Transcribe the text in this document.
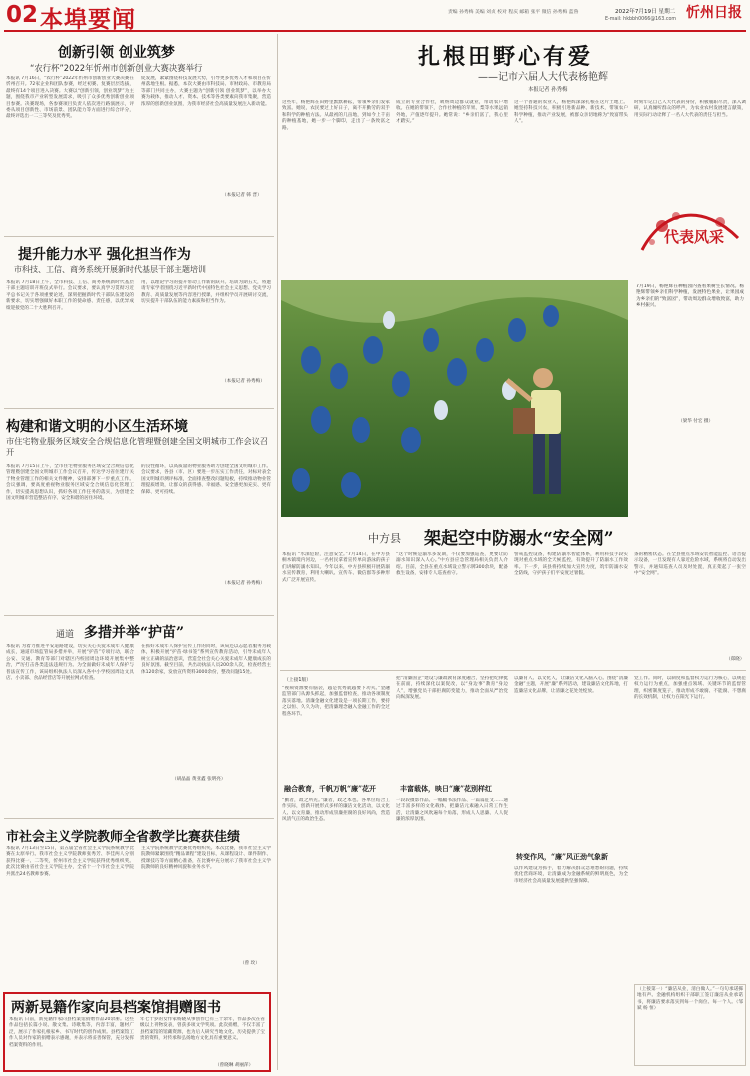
02 本埠要闻	责编 孙秀梅 美编 刘贞 校对 程庆 邮箱 张平 微信 孙秀梅 蓝鲁	2022年7月19日 星期二 忻州日报
E-mail: hkbbh0066@163.com
创新引领 创业筑梦
“农行杯”2022年忻州市创新创业大赛决赛举行
本报讯 7月16日，“农行杯”2022年忻州市创新创业大赛决赛在忻州召开。72家企业和团队参赛，经过初赛、复赛层层选拔，最终有14个项目进入决赛。大赛以“创新引领，创业筑梦”为主题，围绕我市产业转型发展需求，吸引了众多优秀创新创业项目参赛。决赛现场，各参赛项目负责人依次进行路演展示，评委从项目创新性、市场前景、团队能力等方面进行综合评分，最终评选出一二三等奖及优秀奖。
促发展，紧紧围绕科技发展大势，引导更多优秀人才和项目在忻州落地生根。据悉，本次大赛由市科技局、市财政局、市教育局等部门共同主办，大赛主题为“创新引领 创业筑梦”，以举办大赛为载体，推动人才、资本、技术等各类要素向我市集聚，营造浓厚的创新创业氛围，为我市经济社会高质量发展注入新动能。
（本报记者 韩 晋）
提升能力水平 强化担当作为
市科技、工信、商务系统开展新时代基层干部主题培训
本报讯 7月18日上午，全市科技、工信、商务系统新时代基层干部主题培训开班仪式举行。会议要求，要认真学习贯彻习近平总书记关于各项重要论述，深刻把握新时代干部队伍建设的新要求，切实增强做好本职工作的使命感、责任感，以优异成绩迎接党的二十大胜利召开。
用，以理论学习的提升带动工作新的跃升。培训为期五天，将邀请专家学者围绕习近平新时代中国特色社会主义思想、党史学习教育、高质量发展等内容进行授课，并组织学员开展研讨交流，切实提升干部队伍的能力素质和担当作为。
（本报记者 孙秀梅）
构建和谐文明的小区生活环境
市住宅物业服务区域安全合规信息化管理暨创建全国文明城市工作会议召开
本报讯 7月15日上午，全市住宅物业服务区域安全合规信息化管理暨创建全国文明城市工作会议召开，传达学习省住建厅关于物业管理工作的相关文件精神，安排部署下一步重点工作。会议强调，要高度重视物业服务区域安全合规信息化管理工作，切实提高思想认识，抓好各项工作任务的落实，为创建全国文明城市营造整洁有序、安全和谐的居住环境。
的良性循环，以高质量的物业服务助力创建全国文明城市工作。会议要求，各县（市、区）要进一步压实工作责任，对标对表全国文明城市测评标准，全面排查整改问题短板，持续推动物业管理提质增效，让群众的获得感、幸福感、安全感更加充实、更有保障、更可持续。
（本报记者 孙秀梅）
通道 多措并举“护苗”
本报讯 为着力推进平安道路建设，切实关心关爱未成年人健康成长，通道市场监管局多措并举，开展“护苗”专项行动，联合公安、交通、教育等部门对辖区内校园周边环境开展集中整治，严厉打击各类违法违规行为。为全面做好未成年人保护与普法宣传工作，该局组织执法人员深入各中小学校园周边文具店、小卖部、食品经营店等开展拉网式检查。
在抓好未成年人保护宣传工作的同时，该局还以志愿者服务为载体，积极开展“护苗·绿书签”系列宣传教育活动，引导未成年人树立正确的法治意识，营造全社会关心关爱未成年人健康成长的良好氛围。截至目前，共出动执法人员200余人次，检查经营主体120余家，发放宣传资料3000余份，整改问题15处。
（胡晶晶 黄亚鑫 张明亮）
市社会主义学院教师全省教学比赛获佳绩
本报讯 7月13日至15日，第五届全省社会主义学院系统教学比赛在太原举行。我市社会主义学院教师张秀芳、李佳两人分别获得比赛一、二等奖，忻州市社会主义学院获得优秀组织奖。此次比赛由省社会主义学院主办，全省十一个市社会主义学院共派出24名教师参赛。
主义学院系统教学比赛优秀组织奖。本次比赛，我市社会主义学院教师紧紧围绕“精品课程”建设目标，从课程设计、课件制作、授课技巧等方面精心准备，在比赛中充分展示了我市社会主义学院教师的良好精神风貌和业务水平。
（曾 玫）
两新晃籍作家向县档案馆捐赠图书
本报讯 日前，新晃籍作家向县档案馆捐赠作品20余册。这些作品包括长篇小说、散文集、诗歌集等，内容丰富，题材广泛，展示了作家扎根家乡、书写时代的创作成果。县档案馆工作人员对作家的捐赠表示感谢，并表示将妥善保管，充分发挥档案资料的作用。
年七十岁的女作家杨晓从事创作已有三十余年，作品多次在省级以上刊物发表，曾获多项文学奖项。此次捐赠，不仅丰富了县档案馆的馆藏资源，也为后人研究当地文化、历史提供了宝贵的资料，对传承和弘扬地方文化具有重要意义。
（曾晓琳 胡丽萍）
扎根田野心有爱
——记市六届人大代表杨艳辉
本报记者 孙秀梅
这些年，杨艳辉在田野里默默耕耘，带领乡亲们发家致富。她说，农民要过上好日子，离不开勤劳的双手和科学的种植方法。从最初的几亩地，到如今上千亩的种植基地，她一步一个脚印，走出了一条致富之路。
成立的专业合作社，吸纳周边群众就业，带动农户增收。在她的带领下，合作社种植的苹果、梨等水果远销外地，产值逐年提升。她常说：“乡亲们富了，我心里才踏实。”
这一个普通的农业人，杨艳辉深深扎根在这片土地上。她坚持科技兴农，积极引进新品种、新技术，带领农户科学种植，推动产业发展，被群众亲切地称为“致富带头人”。
时刻牢记自己人大代表的身份，积极履职尽责，深入调研，认真倾听群众的呼声，为农业农村发展建言献策，用实际行动诠释了一名人大代表的责任与担当。
代表风采
7月19日，杨艳辉在种植园内查看果树生长情况。杨艳辉带领乡亲们科学种植，发展特色果业，让果园成为乡亲们的“致富园”，带动周边群众增收致富，助力乡村振兴。
（梁华 付宏 摄）
中方县 架起空中防溺水“安全网”
本报讯 “水深危险，注意安全。”7月14日，在中方县桐木镇境内河边，一名村民拿着宣传单向游泳的孩子们讲解防溺水知识。今年以来，中方县积极开展防溺水宣传教育，利用大喇叭、宣传车、微信群等多种形式广泛开展宣传。
“这个时候是溺水多发期，不仅要加强巡查，更要让防溺水知识深入人心。”中方县应急管理局相关负责人介绍。目前，全县在重点水域设立警示牌300余块，配备救生设备，安排专人巡查看守。
警戒监控设备，构建防溺水智能体系，利用科技手段实现对重点水域的全天候监控，有效提升了防溺水工作效率。下一步，该县将持续加大宣传力度，筑牢防溺水安全防线，守护孩子们平安度过暑假。
条的精密状态。在全县重点水域安装智能监控、语音提示设备，一旦发现有人靠近危险水域，系统将自动发出警示，并通知巡查人员及时处置，真正架起了一张空中“安全网”。
（郑晓）
（上接1版）
“视频资源要有脑袋，越是优秀就越要下功夫。”金融监管部门从源头抓起，加强监督检查，推动各项制度落实落地。清廉金融文化建设是一项长期工作，要持之以恒、久久为功，把清廉理念融入金融工作的全过程各环节。
融合教育，千帆万帆“廉”花开
“勤者，政之所先。”廉者，政之本也。各单位结合工作实际，创新开展形式多样的廉洁文化活动，以文化人、以文育廉，推动形成崇廉拒腐的良好风尚，营造风清气正的政治生态。
把“清廉国企”建设与廉政教育深度融合，坚持把纪律挺在前面，持续深化以案促改，以“身边事”教育“身边人”，增强党员干部拒腐防变能力，推动全面从严治党向纵深发展。
丰富载体，映日“廉”花别样红
一段段摄影作品、一幅幅书法作品、一篇篇征文……通过丰富多样的文化载体，把廉洁元素融入日常工作生活，让清廉之风吹遍每个角落，形成人人思廉、人人促廉的浓厚氛围。
以廉育人、以文化人，让廉洁文化入脑入心。围绕“清廉金融”主题，开展“廉”系列活动，建设廉洁文化阵地，打造廉洁文化品牌，让清廉之花处处绽放。
转变作风，“廉”风正劲气象新
以作风建设为抓手，着力解决群众急难愁盼问题，持续优化营商环境，让清廉成为金融系统的鲜明底色，为全市经济社会高质量发展提供坚强保障。
党工作。同时，以制度和监督权力运行为核心，以规范权力运行为重点，加强重点领域、关键环节的监督管理，织密制度笼子，推动形成不敢腐、不能腐、不想腐的长效机制，让权力在阳光下运行。
（上接第一）“廉洁从业，清白做人。”一句句承诺掷地有声。金融机构组织干部职工签订廉洁从业承诺书，将廉洁要求落实到每一个岗位、每一个人。（邹斌 杨 恒）
